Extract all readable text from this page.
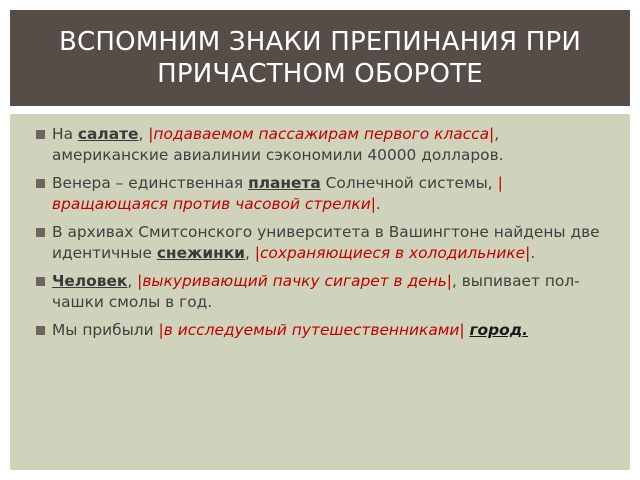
ВСПОМНИМ ЗНАКИ ПРЕПИНАНИЯ ПРИ ПРИЧАСТНОМ ОБОРОТЕ
На салате, |подаваемом пассажирам первого класса|, американские авиалинии сэкономили 40000 долларов.
Венера – единственная планета Солнечной системы, |вращающаяся против часовой стрелки|.
В архивах Смитсонского университета в Вашингтоне найдены две идентичные снежинки, |сохраняющиеся в холодильнике|.
Человек, |выкуривающий пачку сигарет в день|, выпивает пол-чашки смолы в год.
Мы прибыли |в исследуемый путешественниками| город.
